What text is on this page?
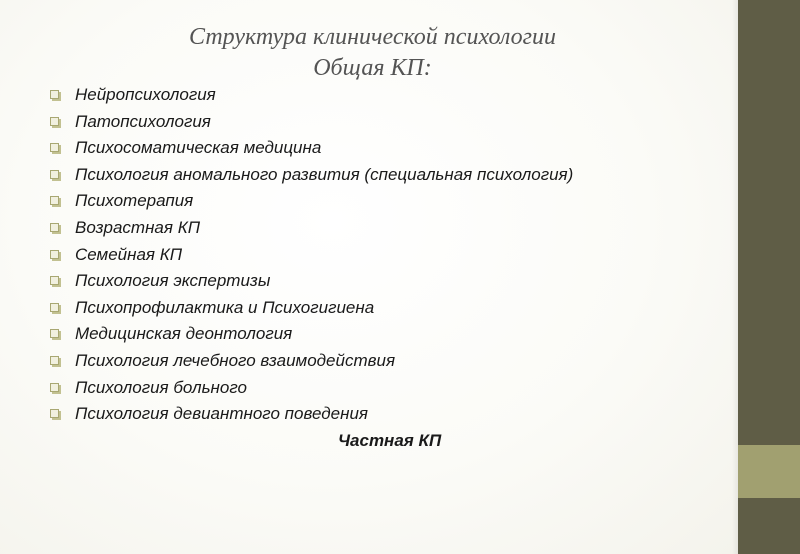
Структура клинической психологии
Общая КП:
Нейропсихология
Патопсихология
Психосоматическая медицина
Психология аномального развития (специальная психология)
Психотерапия
Возрастная КП
Семейная КП
Психология экспертизы
Психопрофилактика и Психогигиена
Медицинская деонтология
Психология лечебного взаимодействия
Психология больного
Психология девиантного поведения
Частная КП
